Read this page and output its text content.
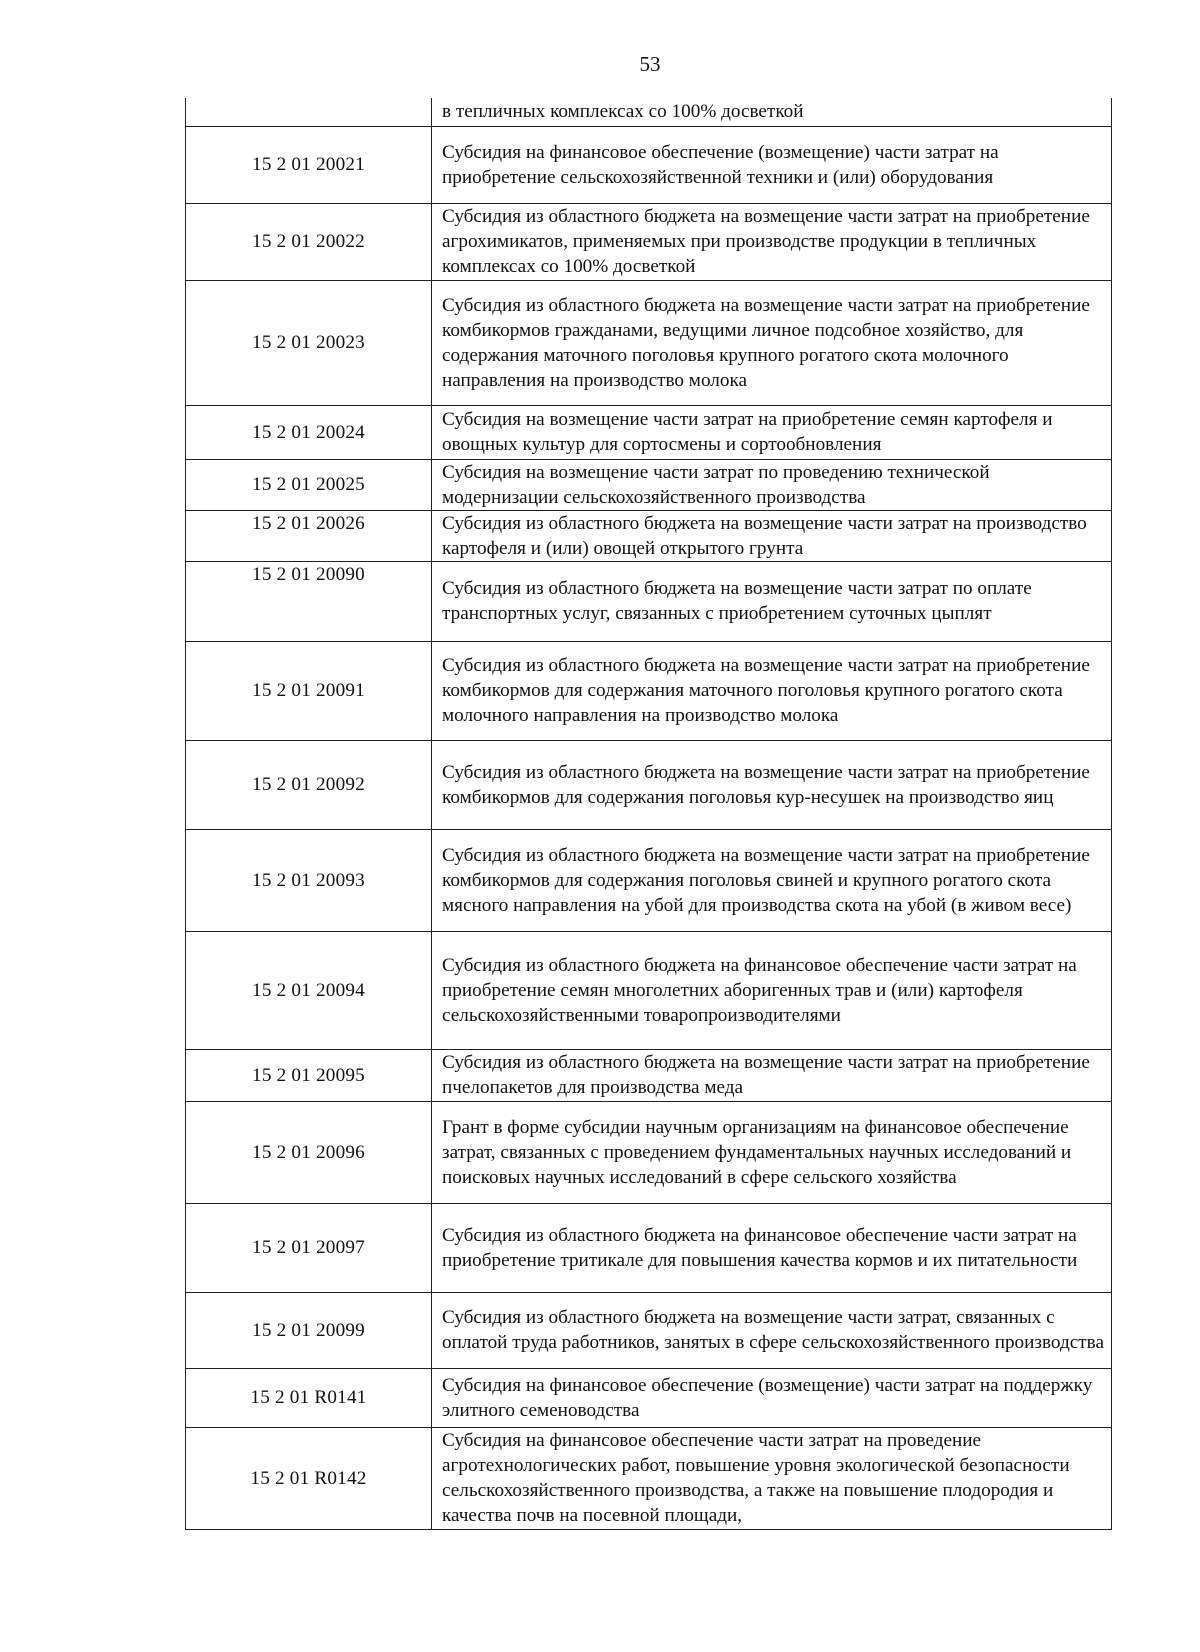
53
	в тепличных комплексах со 100% досветкой
15 2 01 20021	Субсидия на финансовое обеспечение (возмещение) части затрат на приобретение сельскохозяйственной техники и (или) оборудования
15 2 01 20022	Субсидия из областного бюджета на возмещение части затрат на приобретение агрохимикатов, применяемых при производстве продукции в тепличных комплексах со 100% досветкой
15 2 01 20023	Субсидия из областного бюджета на возмещение части затрат на приобретение комбикормов гражданами, ведущими личное подсобное хозяйство, для содержания маточного поголовья крупного рогатого скота молочного направления на производство молока
15 2 01 20024	Субсидия на возмещение части затрат на приобретение семян картофеля и овощных культур для сортосмены и сортообновления
15 2 01 20025	Субсидия на возмещение части затрат по проведению технической модернизации сельскохозяйственного производства
15 2 01 20026	Субсидия из областного бюджета на возмещение части затрат на производство картофеля и (или) овощей открытого грунта
15 2 01 20090	Субсидия из областного бюджета на возмещение части затрат по оплате транспортных услуг, связанных с приобретением суточных цыплят
15 2 01 20091	Субсидия из областного бюджета на возмещение части затрат на приобретение комбикормов для содержания маточного поголовья крупного рогатого скота молочного направления на производство молока
15 2 01 20092	Субсидия из областного бюджета на возмещение части затрат на приобретение комбикормов для содержания поголовья кур-несушек на производство яиц
15 2 01 20093	Субсидия из областного бюджета на возмещение части затрат на приобретение комбикормов для содержания поголовья свиней и крупного рогатого скота мясного направления на убой для производства скота на убой (в живом весе)
15 2 01 20094	Субсидия из областного бюджета на финансовое обеспечение части затрат на приобретение семян многолетних аборигенных трав и (или) картофеля сельскохозяйственными товаропроизводителями
15 2 01 20095	Субсидия из областного бюджета на возмещение части затрат на приобретение пчелопакетов для производства меда
15 2 01 20096	Грант в форме субсидии научным организациям на финансовое обеспечение затрат, связанных с проведением фундаментальных научных исследований и поисковых научных исследований в сфере сельского хозяйства
15 2 01 20097	Субсидия из областного бюджета на финансовое обеспечение части затрат на приобретение тритикале для повышения качества кормов и их питательности
15 2 01 20099	Субсидия из областного бюджета на возмещение части затрат, связанных с оплатой труда работников, занятых в сфере сельскохозяйственного производства
15 2 01 R0141	Субсидия на финансовое обеспечение (возмещение) части затрат на поддержку элитного семеноводства
15 2 01 R0142	Субсидия на финансовое обеспечение части затрат на проведение агротехнологических работ, повышение уровня экологической безопасности сельскохозяйственного производства, а также на повышение плодородия и качества почв на посевной площади,
